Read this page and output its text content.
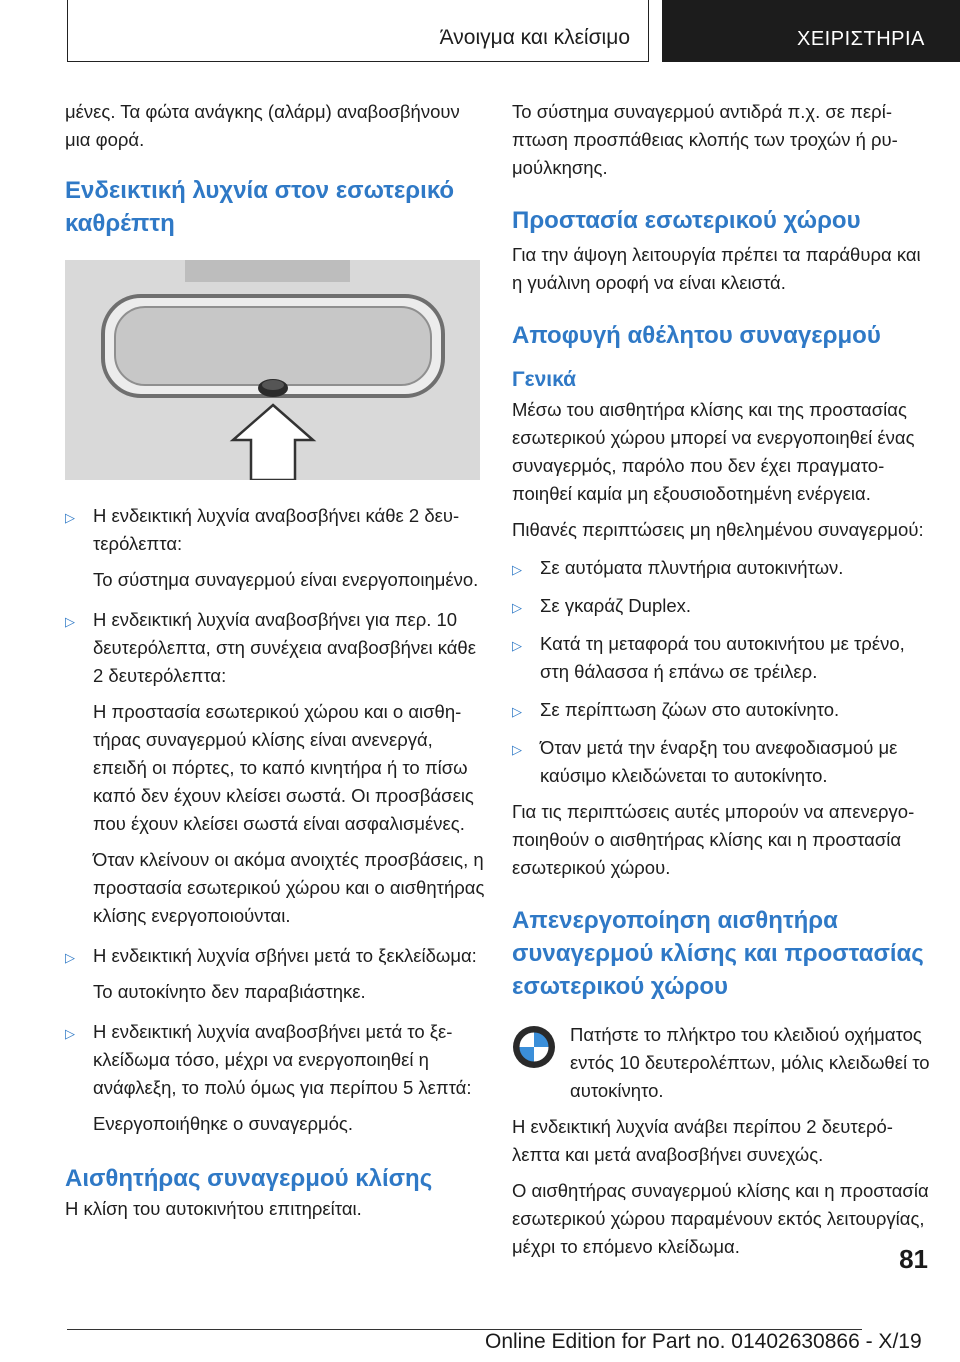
Άνοιγμα και κλείσιμο	ΧΕΙΡΙΣΤΗΡΙΑ

μένες. Τα φώτα ανάγκης (αλάρμ) αναβοσβήνουν μια φορά.

Ενδεικτική λυχνία στον εσωτερικό καθρέπτη
▷ Η ενδεικτική λυχνία αναβοσβήνει κάθε 2 δευτερόλεπτα:

Το σύστημα συναγερμού είναι ενεργοποιημένο.

▷ Η ενδεικτική λυχνία αναβοσβήνει για περ. 10 δευτερόλεπτα, στη συνέχεια αναβοσβήνει κάθε 2 δευτερόλεπτα:

Η προστασία εσωτερικού χώρου και ο αισθητήρας συναγερμού κλίσης είναι ανενεργά, επειδή οι πόρτες, το καπό κινητήρα ή το πίσω καπό δεν έχουν κλείσει σωστά. Οι προσβάσεις που έχουν κλείσει σωστά είναι ασφαλισμένες.

Όταν κλείνουν οι ακόμα ανοιχτές προσβάσεις, η προστασία εσωτερικού χώρου και ο αισθητήρας κλίσης ενεργοποιούνται.

▷ Η ενδεικτική λυχνία σβήνει μετά το ξεκλείδωμα:

Το αυτοκίνητο δεν παραβιάστηκε.

▷ Η ενδεικτική λυχνία αναβοσβήνει μετά το ξεκλείδωμα τόσο, μέχρι να ενεργοποιηθεί η ανάφλεξη, το πολύ όμως για περίπου 5 λεπτά:

Ενεργοποιήθηκε ο συναγερμός.

Αισθητήρας συναγερμού κλίσης

Η κλίση του αυτοκινήτου επιτηρείται.

Το σύστημα συναγερμού αντιδρά π.χ. σε περίπτωση προσπάθειας κλοπής των τροχών ή ρυμούλκησης.

Προστασία εσωτερικού χώρου

Για την άψογη λειτουργία πρέπει τα παράθυρα και η γυάλινη οροφή να είναι κλειστά.

Αποφυγή αθέλητου συναγερμού
Γενικά

Μέσω του αισθητήρα κλίσης και της προστασίας εσωτερικού χώρου μπορεί να ενεργοποιηθεί ένας συναγερμός, παρόλο που δεν έχει πραγματοποιηθεί καμία μη εξουσιοδοτημένη ενέργεια.

Πιθανές περιπτώσεις μη ηθελημένου συναγερμού:

▷ Σε αυτόματα πλυντήρια αυτοκινήτων.

▷ Σε γκαράζ Duplex.

▷ Κατά τη μεταφορά του αυτοκινήτου με τρένο, στη θάλασσα ή επάνω σε τρέιλερ.

▷ Σε περίπτωση ζώων στο αυτοκίνητο.

▷ Όταν μετά την έναρξη του ανεφοδιασμού με καύσιμο κλειδώνεται το αυτοκίνητο.

Για τις περιπτώσεις αυτές μπορούν να απενεργοποιηθούν ο αισθητήρας κλίσης και η προστασία εσωτερικού χώρου.

Απενεργοποίηση αισθητήρα συναγερμού κλίσης και προστασίας εσωτερικού χώρου

Πατήστε το πλήκτρο του κλειδιού οχήματος εντός 10 δευτερολέπτων, μόλις κλειδωθεί το αυτοκίνητο.

Η ενδεικτική λυχνία ανάβει περίπου 2 δευτερόλεπτα και μετά αναβοσβήνει συνεχώς.

Ο αισθητήρας συναγερμού κλίσης και η προστασία εσωτερικού χώρου παραμένουν εκτός λειτουργίας, μέχρι το επόμενο κλείδωμα.	81
Online Edition for Part no. 01402630866 - X/19
